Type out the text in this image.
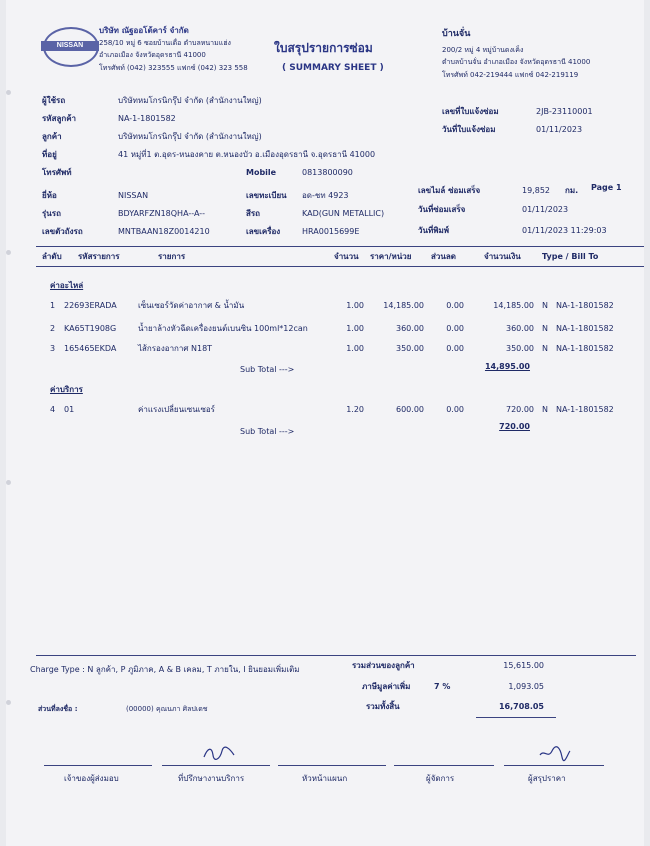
NISSAN
บริษัท ณัฐออโต้คาร์ จำกัด
258/10 หมู่ 6 ซอยบ้านเดื่อ ตำบลหนามแฮ่ง
อำเภอเมือง จังหวัดอุดรธานี 41000
โทรศัพท์ (042) 323555 แฟกซ์ (042) 323 558
ใบสรุปรายการซ่อม
( SUMMARY SHEET )
บ้านจั่น
200/2 หมู่ 4 หมู่บ้านดงเค็ง
ตำบลบ้านจั่น อำเภอเมือง จังหวัดอุดรธานี 41000
โทรศัพท์ 042-219444 แฟกซ์ 042-219119
ผู้ใช้รถ	บริษัทหมโกรนิกรุ๊ป จำกัด (สำนักงานใหญ่)
รหัสลูกค้า	NA-1-1801582
ลูกค้า	บริษัทหมโกรนิกรุ๊ป จำกัด (สำนักงานใหญ่)
ที่อยู่	41 หมู่ที่1 ต.อุดร-หนองคาย ต.หนองบัว อ.เมืองอุดรธานี จ.อุดรธานี 41000
โทรศัพท์	Mobile	0813800090
ยี่ห้อ	NISSAN	เลขทะเบียน อด-ชท 4923
รุ่นรถ	BDYARFZN18QHA--A--	สีรถ	KAD(GUN METALLIC)
เลขตัวถังรถ	MNTBAAN18Z0014210	เลขเครื่อง	HRA0015699E
เลขที่ใบแจ้งซ่อม	2JB-23110001
วันที่ใบแจ้งซ่อม	01/11/2023
เลขไมล์ ซ่อมเสร็จ	19,852 กม. Page 1
วันที่ซ่อมเสร็จ	01/11/2023
วันที่พิมพ์	01/11/2023 11:29:03
ลำดับ รหัสรายการ	รายการ	จำนวน ราคา/หน่วย ส่วนลด	จำนวนเงิน	Type / Bill To
ค่าอะไหล่
1 22693ERADA	เซ็นเซอร์วัดค่าอากาศ & น้ำมัน	1.00	14,185.00	0.00	14,185.00 N NA-1-1801582
2 KA65T1908G	น้ำยาล้างหัวฉีดเครื่องยนต์เบนซิน 100ml*12can	1.00	360.00	0.00	360.00 N NA-1-1801582
3 165465EKDA	ไส้กรองอากาศ N18T	1.00	350.00	0.00	350.00 N NA-1-1801582
Sub Total --->	14,895.00
ค่าบริการ
4 01	ค่าแรงเปลี่ยนเซนเซอร์	1.20	600.00	0.00	720.00 N NA-1-1801582
Sub Total --->
720.00
Charge Type : N ลูกค้า, P ภูมิภาค, A & B เคลม, T ภายใน, I ยินยอมเพิ่มเติม	รวมส่วนของลูกค้า	15,615.00
ภาษีมูลค่าเพิ่ม	7 %	1,093.05
รวมทั้งสิ้น	16,708.05
ส่วนที่ลงชื่อ :	(00000) คุณนภา ศิลปเดช
เจ้าของผู้ส่งมอบ	ที่ปรึกษางานบริการ	หัวหน้าแผนก	ผู้จัดการ	ผู้สรุปราคา
